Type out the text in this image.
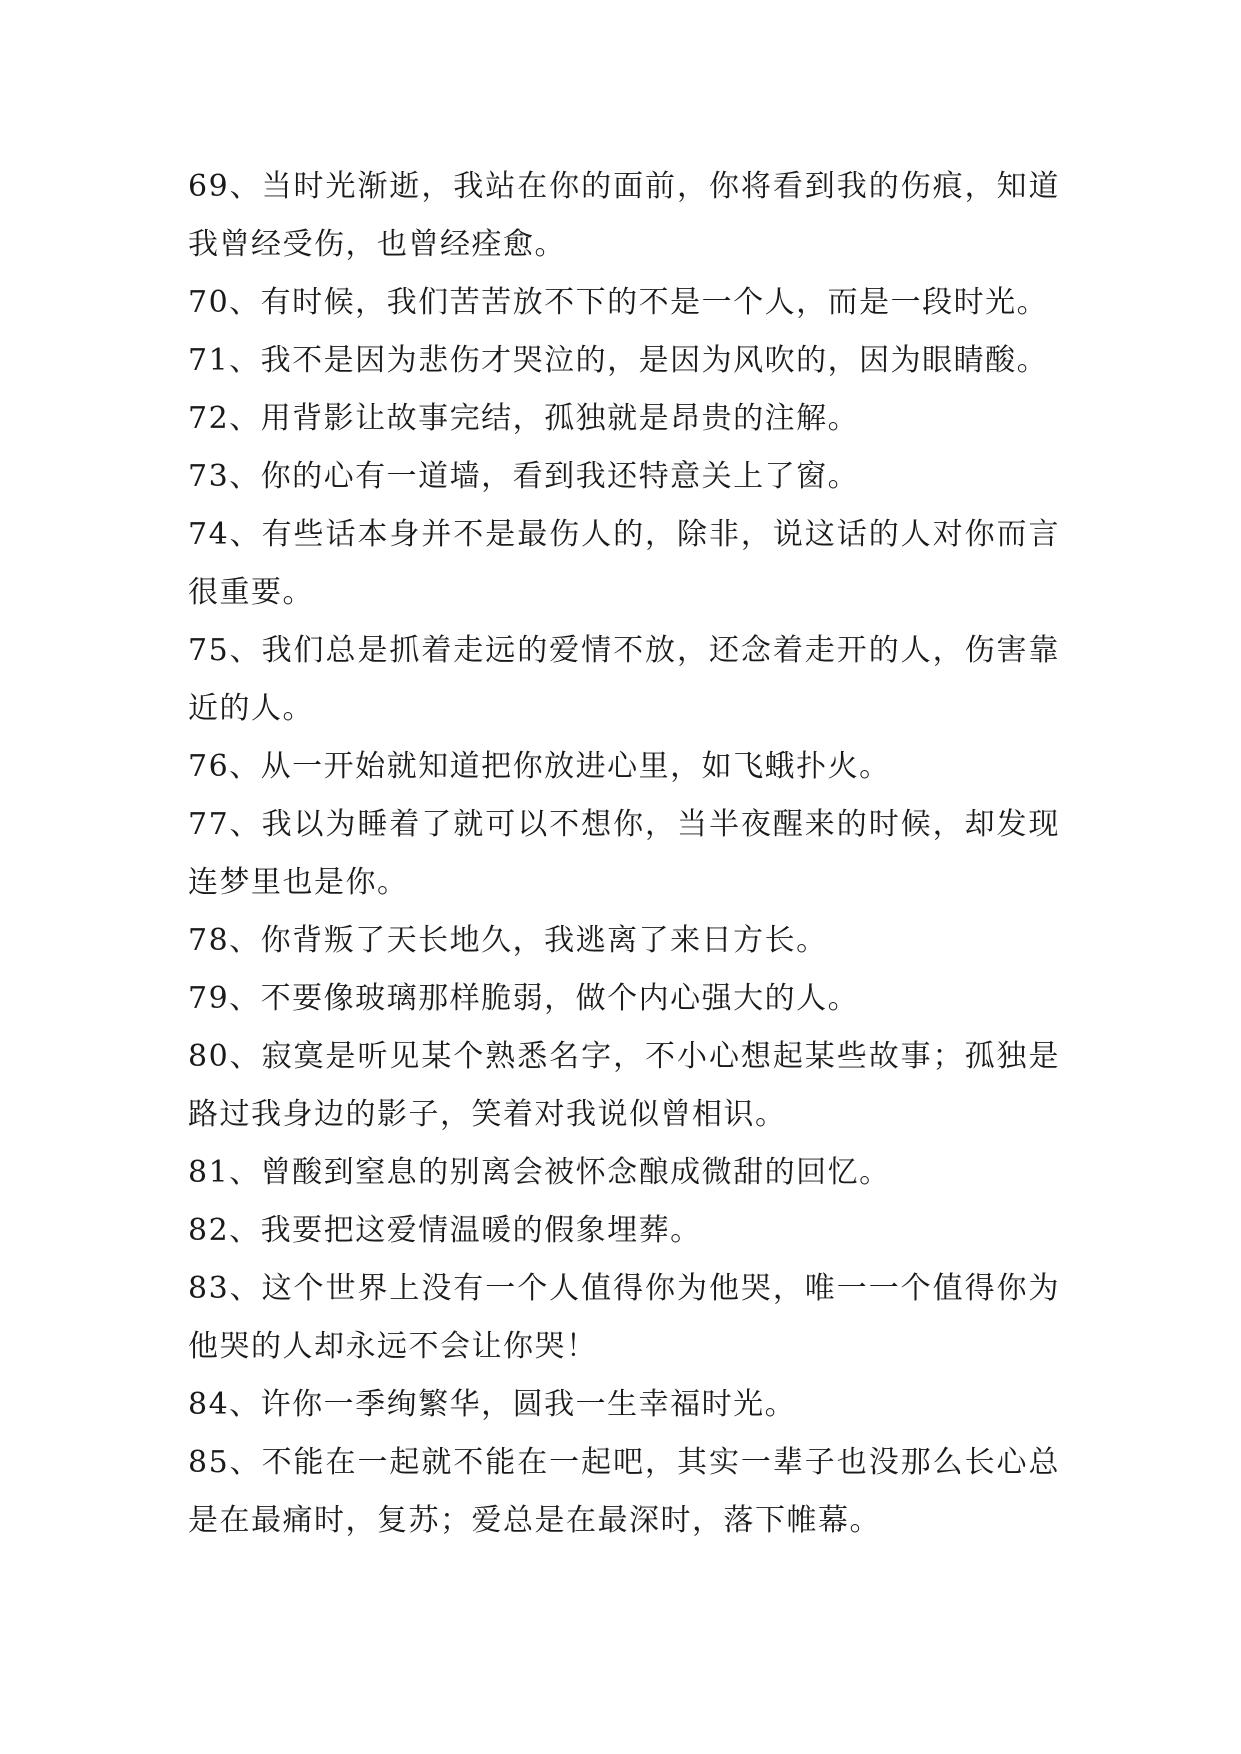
69、当时光渐逝，我站在你的面前，你将看到我的伤痕，知道我曾经受伤，也曾经痊愈。

70、有时候，我们苦苦放不下的不是一个人，而是一段时光。

71、我不是因为悲伤才哭泣的，是因为风吹的，因为眼睛酸。

72、用背影让故事完结，孤独就是昂贵的注解。

73、你的心有一道墙，看到我还特意关上了窗。

74、有些话本身并不是最伤人的，除非，说这话的人对你而言很重要。

75、我们总是抓着走远的爱情不放，还念着走开的人，伤害靠近的人。

76、从一开始就知道把你放进心里，如飞蛾扑火。

77、我以为睡着了就可以不想你，当半夜醒来的时候，却发现连梦里也是你。

78、你背叛了天长地久，我逃离了来日方长。

79、不要像玻璃那样脆弱，做个内心强大的人。

80、寂寞是听见某个熟悉名字，不小心想起某些故事；孤独是路过我身边的影子，笑着对我说似曾相识。

81、曾酸到窒息的别离会被怀念酿成微甜的回忆。

82、我要把这爱情温暖的假象埋葬。

83、这个世界上没有一个人值得你为他哭，唯一一个值得你为他哭的人却永远不会让你哭！

84、许你一季绚繁华，圆我一生幸福时光。

85、不能在一起就不能在一起吧，其实一辈子也没那么长心总是在最痛时，复苏；爱总是在最深时，落下帷幕。
